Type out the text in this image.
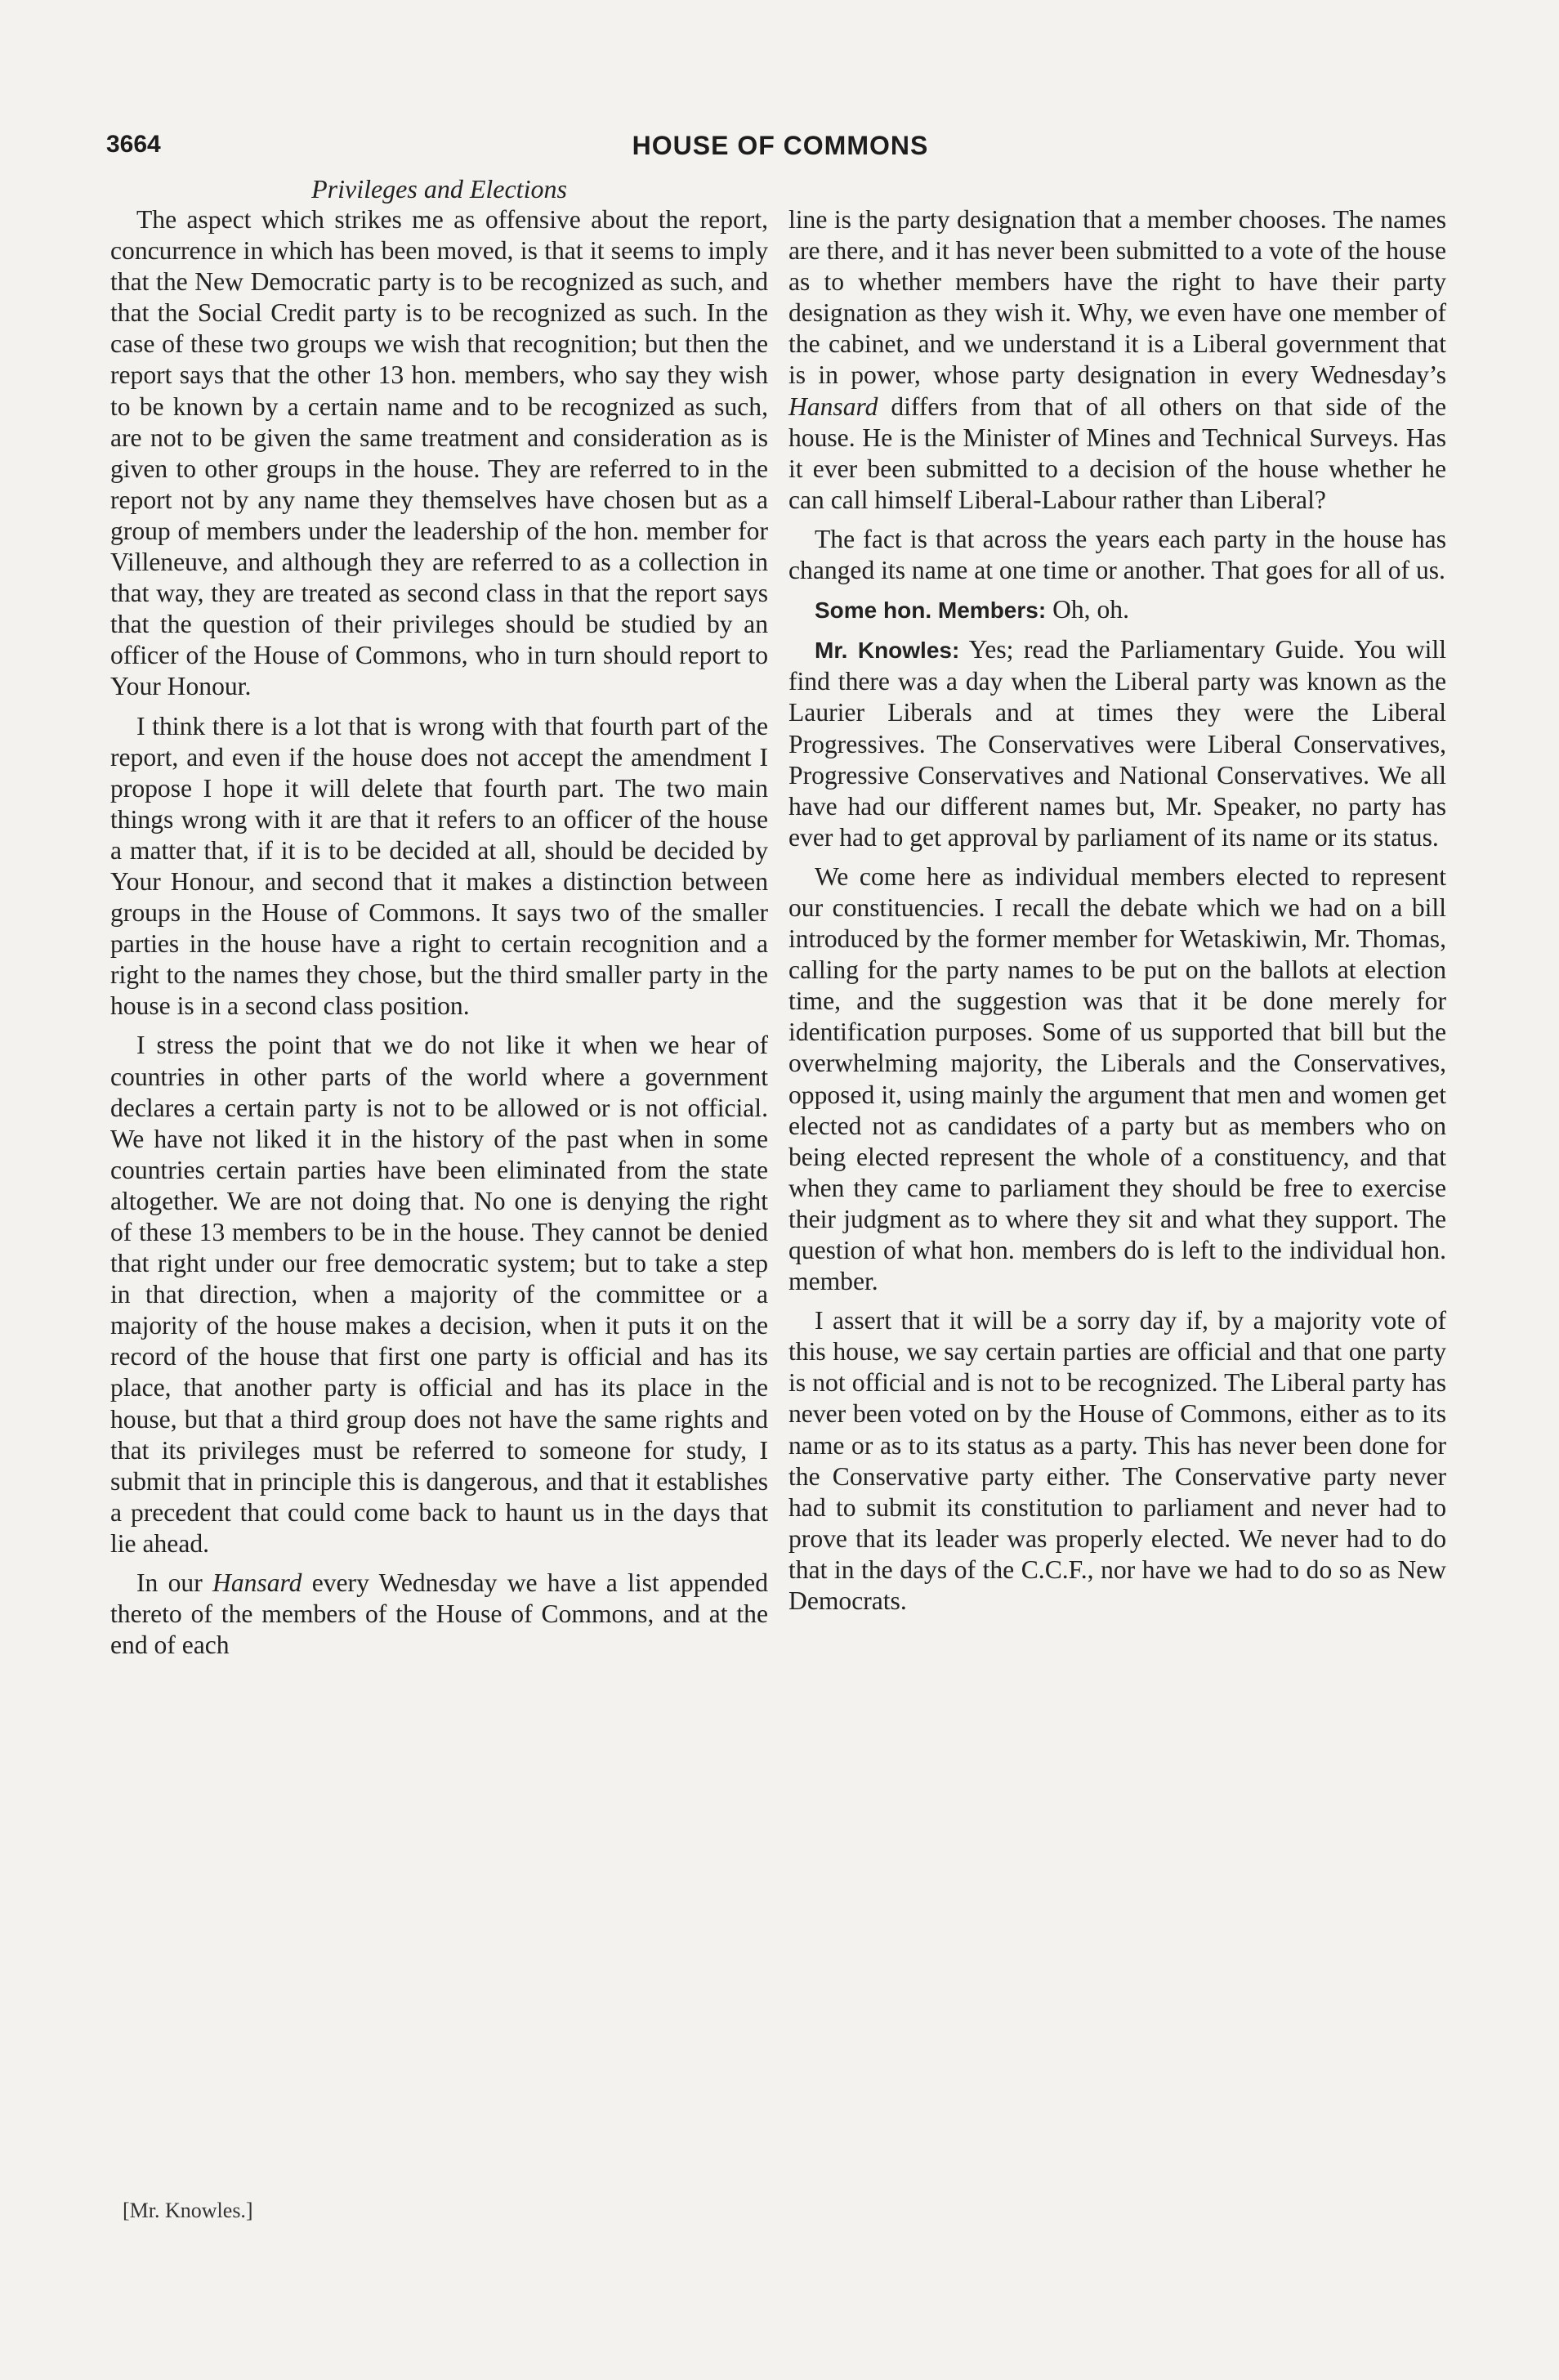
3664	HOUSE OF COMMONS
Privileges and Elections

The aspect which strikes me as offensive about the report, concurrence in which has been moved, is that it seems to imply that the New Democratic party is to be recognized as such, and that the Social Credit party is to be recognized as such. In the case of these two groups we wish that recognition; but then the report says that the other 13 hon. members, who say they wish to be known by a certain name and to be recognized as such, are not to be given the same treatment and consideration as is given to other groups in the house. They are referred to in the report not by any name they themselves have chosen but as a group of members under the leadership of the hon. member for Villeneuve, and although they are referred to as a collection in that way, they are treated as second class in that the report says that the question of their privileges should be studied by an officer of the House of Commons, who in turn should report to Your Honour.

I think there is a lot that is wrong with that fourth part of the report, and even if the house does not accept the amendment I propose I hope it will delete that fourth part. The two main things wrong with it are that it refers to an officer of the house a matter that, if it is to be decided at all, should be decided by Your Honour, and second that it makes a distinction between groups in the House of Commons. It says two of the smaller parties in the house have a right to certain recognition and a right to the names they chose, but the third smaller party in the house is in a second class position.

I stress the point that we do not like it when we hear of countries in other parts of the world where a government declares a certain party is not to be allowed or is not official. We have not liked it in the history of the past when in some countries certain parties have been eliminated from the state altogether. We are not doing that. No one is denying the right of these 13 members to be in the house. They cannot be denied that right under our free democratic system; but to take a step in that direction, when a majority of the committee or a majority of the house makes a decision, when it puts it on the record of the house that first one party is official and has its place, that another party is official and has its place in the house, but that a third group does not have the same rights and that its privileges must be referred to someone for study, I submit that in principle this is dangerous, and that it establishes a precedent that could come back to haunt us in the days that lie ahead.

In our Hansard every Wednesday we have a list appended thereto of the members of the House of Commons, and at the end of each

line is the party designation that a member chooses. The names are there, and it has never been submitted to a vote of the house as to whether members have the right to have their party designation as they wish it. Why, we even have one member of the cabinet, and we understand it is a Liberal government that is in power, whose party designation in every Wednesday’s Hansard differs from that of all others on that side of the house. He is the Minister of Mines and Technical Surveys. Has it ever been submitted to a decision of the house whether he can call himself Liberal-Labour rather than Liberal?

The fact is that across the years each party in the house has changed its name at one time or another. That goes for all of us.

Some hon. Members: Oh, oh.

Mr. Knowles: Yes; read the Parliamentary Guide. You will find there was a day when the Liberal party was known as the Laurier Liberals and at times they were the Liberal Progressives. The Conservatives were Liberal Conservatives, Progressive Conservatives and National Conservatives. We all have had our different names but, Mr. Speaker, no party has ever had to get approval by parliament of its name or its status.

We come here as individual members elected to represent our constituencies. I recall the debate which we had on a bill introduced by the former member for Wetaskiwin, Mr. Thomas, calling for the party names to be put on the ballots at election time, and the suggestion was that it be done merely for identification purposes. Some of us supported that bill but the overwhelming majority, the Liberals and the Conservatives, opposed it, using mainly the argument that men and women get elected not as candidates of a party but as members who on being elected represent the whole of a constituency, and that when they came to parliament they should be free to exercise their judgment as to where they sit and what they support. The question of what hon. members do is left to the individual hon. member.

I assert that it will be a sorry day if, by a majority vote of this house, we say certain parties are official and that one party is not official and is not to be recognized. The Liberal party has never been voted on by the House of Commons, either as to its name or as to its status as a party. This has never been done for the Conservative party either. The Conservative party never had to submit its constitution to parliament and never had to prove that its leader was properly elected. We never had to do that in the days of the C.C.F., nor have we had to do so as New Democrats.

[Mr. Knowles.]
